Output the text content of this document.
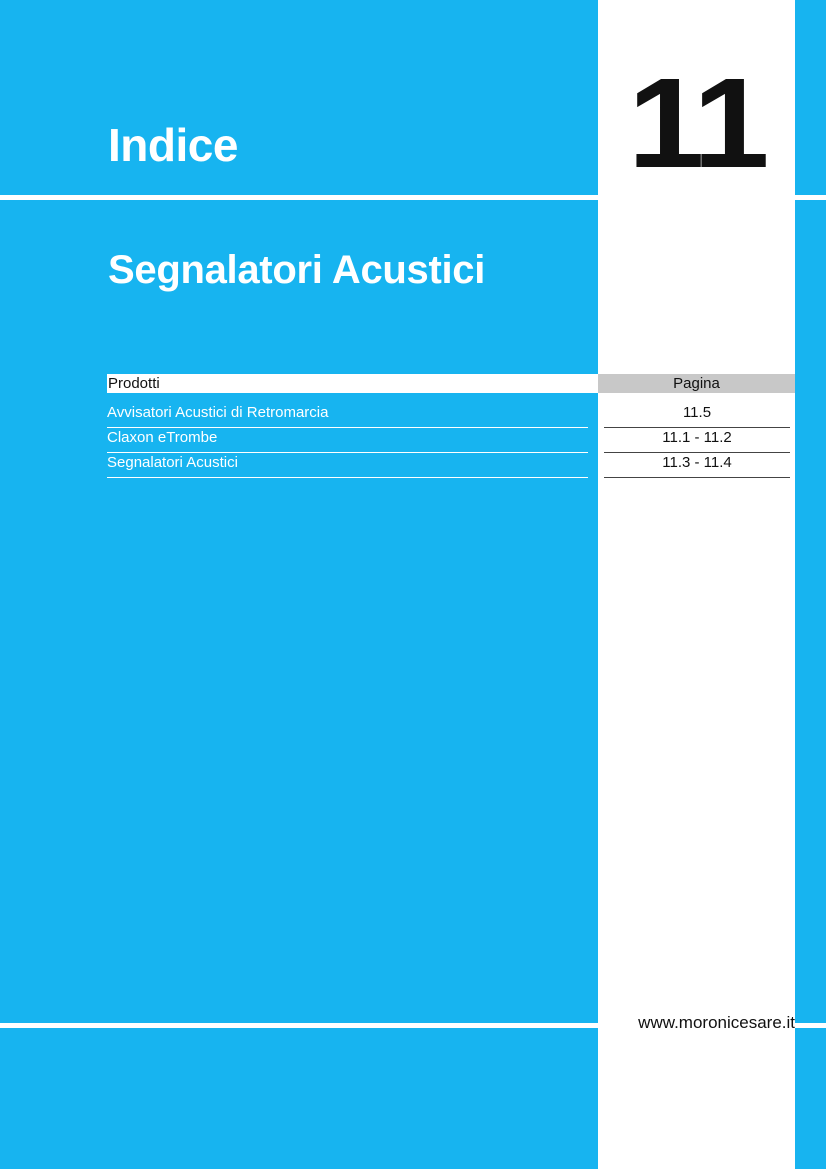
Indice	11
Segnalatori Acustici
Prodotti	Pagina
Avvisatori Acustici di Retromarcia	11.5
Claxon eTrombe	11.1 - 11.2
Segnalatori Acustici	11.3 - 11.4
www.moronicesare.it
